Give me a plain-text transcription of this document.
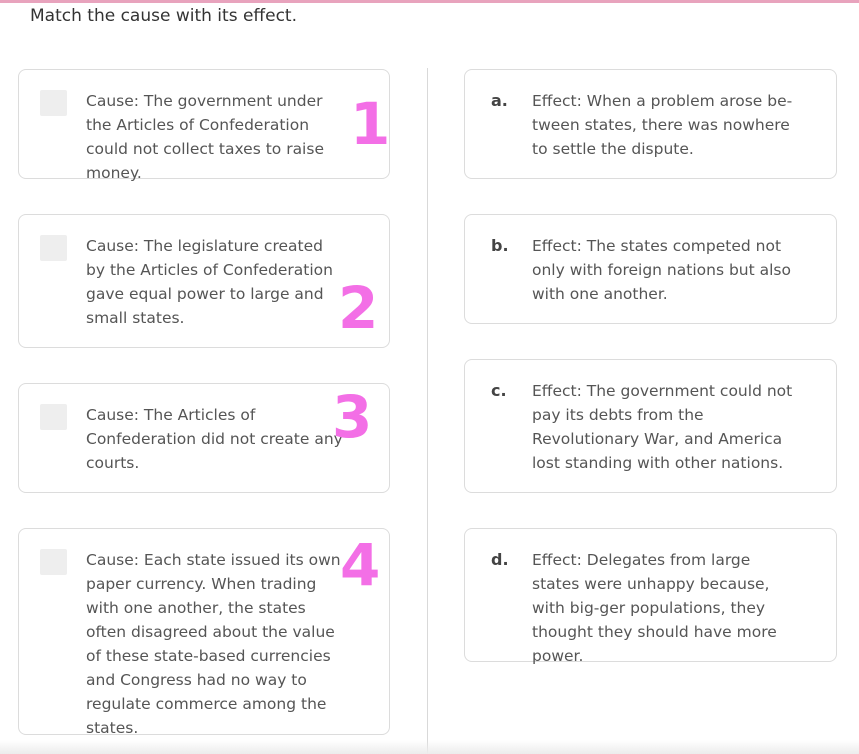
Match the cause with its effect.
Cause: The government under the Articles of Confederation could not collect taxes to raise money.
Cause: The legislature created by the Articles of Confederation gave equal power to large and small states.
Cause: The Articles of Confederation did not create any courts.
Cause: Each state issued its own paper currency. When trading with one another, the states often disagreed about the value of these state-based currencies and Congress had no way to regulate commerce among the states.
a. Effect: When a problem arose be-tween states, there was nowhere to settle the dispute.
b. Effect: The states competed not only with foreign nations but also with one another.
c. Effect: The government could not pay its debts from the Revolutionary War, and America lost standing with other nations.
d. Effect: Delegates from large states were unhappy because, with big-ger populations, they thought they should have more power.
1
2
3
4
